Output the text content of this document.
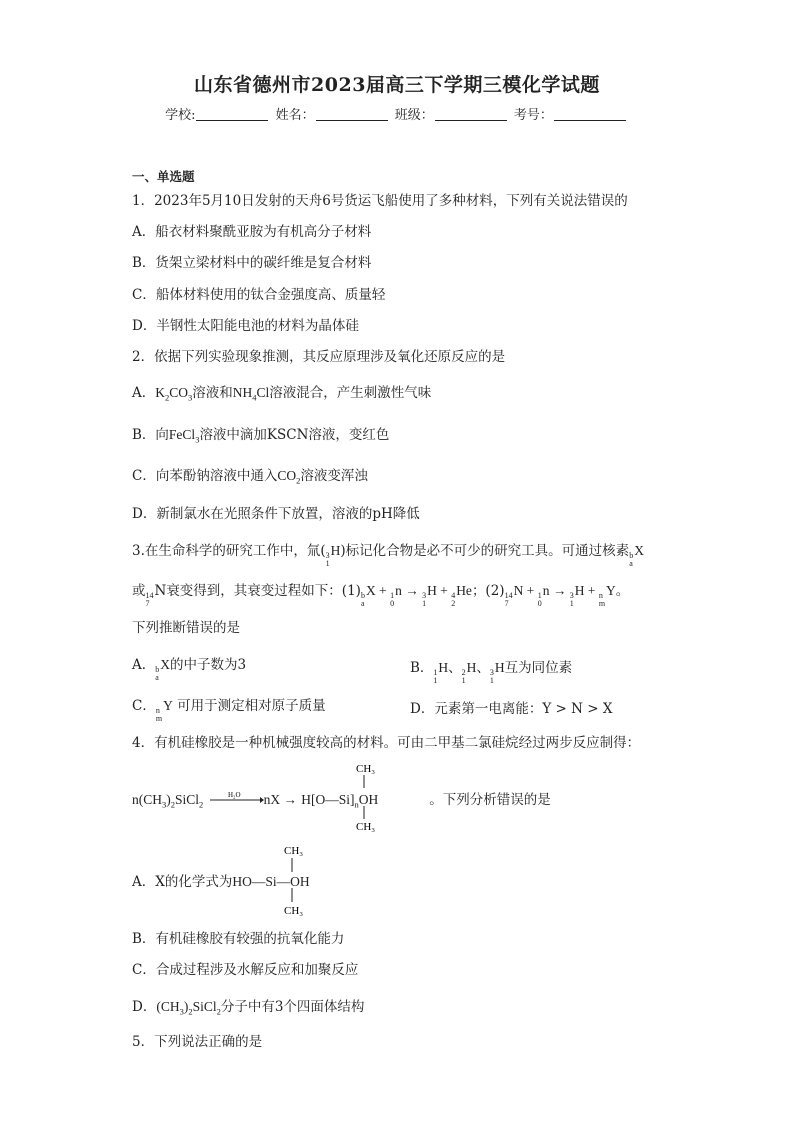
山东省德州市2023届高三下学期三模化学试题
学校:	姓名：	班级：	考号：
一、单选题
1．2023年5月10日发射的天舟6号货运飞船使用了多种材料，下列有关说法错误的
A．船衣材料聚酰亚胺为有机高分子材料
B．货架立梁材料中的碳纤维是复合材料
C．船体材料使用的钛合金强度高、质量轻
D．半钢性太阳能电池的材料为晶体硅
2．依据下列实验现象推测，其反应原理涉及氧化还原反应的是
A．$K_2CO_3$溶液和$NH_4Cl$溶液混合，产生刺激性气味
B．向FeCl$_3$溶液中滴加KSCN溶液，变红色
C．向苯酚钠溶液中通入$CO_2$溶液变浑浊
D．新制氯水在光照条件下放置，溶液的pH降低
3.在生命科学的研究工作中，氚( 3
1
H)标记化合物是必不可少的研究工具。可通过核素 b
a
X
或 14
7
N衰变得到，其衰变过程如下：(1) b
a
X + 1
0
n → 3
1
H + 4
2
He；(2) 14
7
N + 1
0
n → 3
1
H + n
m
Y。
下列推断错误的是
A． b
a
X的中子数为3	B． 1
1
H、 2
1
H、 3
1
H互为同位素
C． n
m
Y 可用于测定相对原子质量	D．元素第一电离能：Y > N > X
4．有机硅橡胶是一种机械强度较高的材料。可由二甲基二氯硅烷经过两步反应制得：
$n(CH_3)_2SiCl_2$
H₂O nX → $H[O—Si]_nOH$	。下列分析错误的是
CH₃
CH₃
A．X的化学式为HO—Si—OH
CH₃
CH₃
B．有机硅橡胶有较强的抗氧化能力
C．合成过程涉及水解反应和加聚反应
D．$(CH_3)_2SiCl_2$分子中有3个四面体结构
5．下列说法正确的是
